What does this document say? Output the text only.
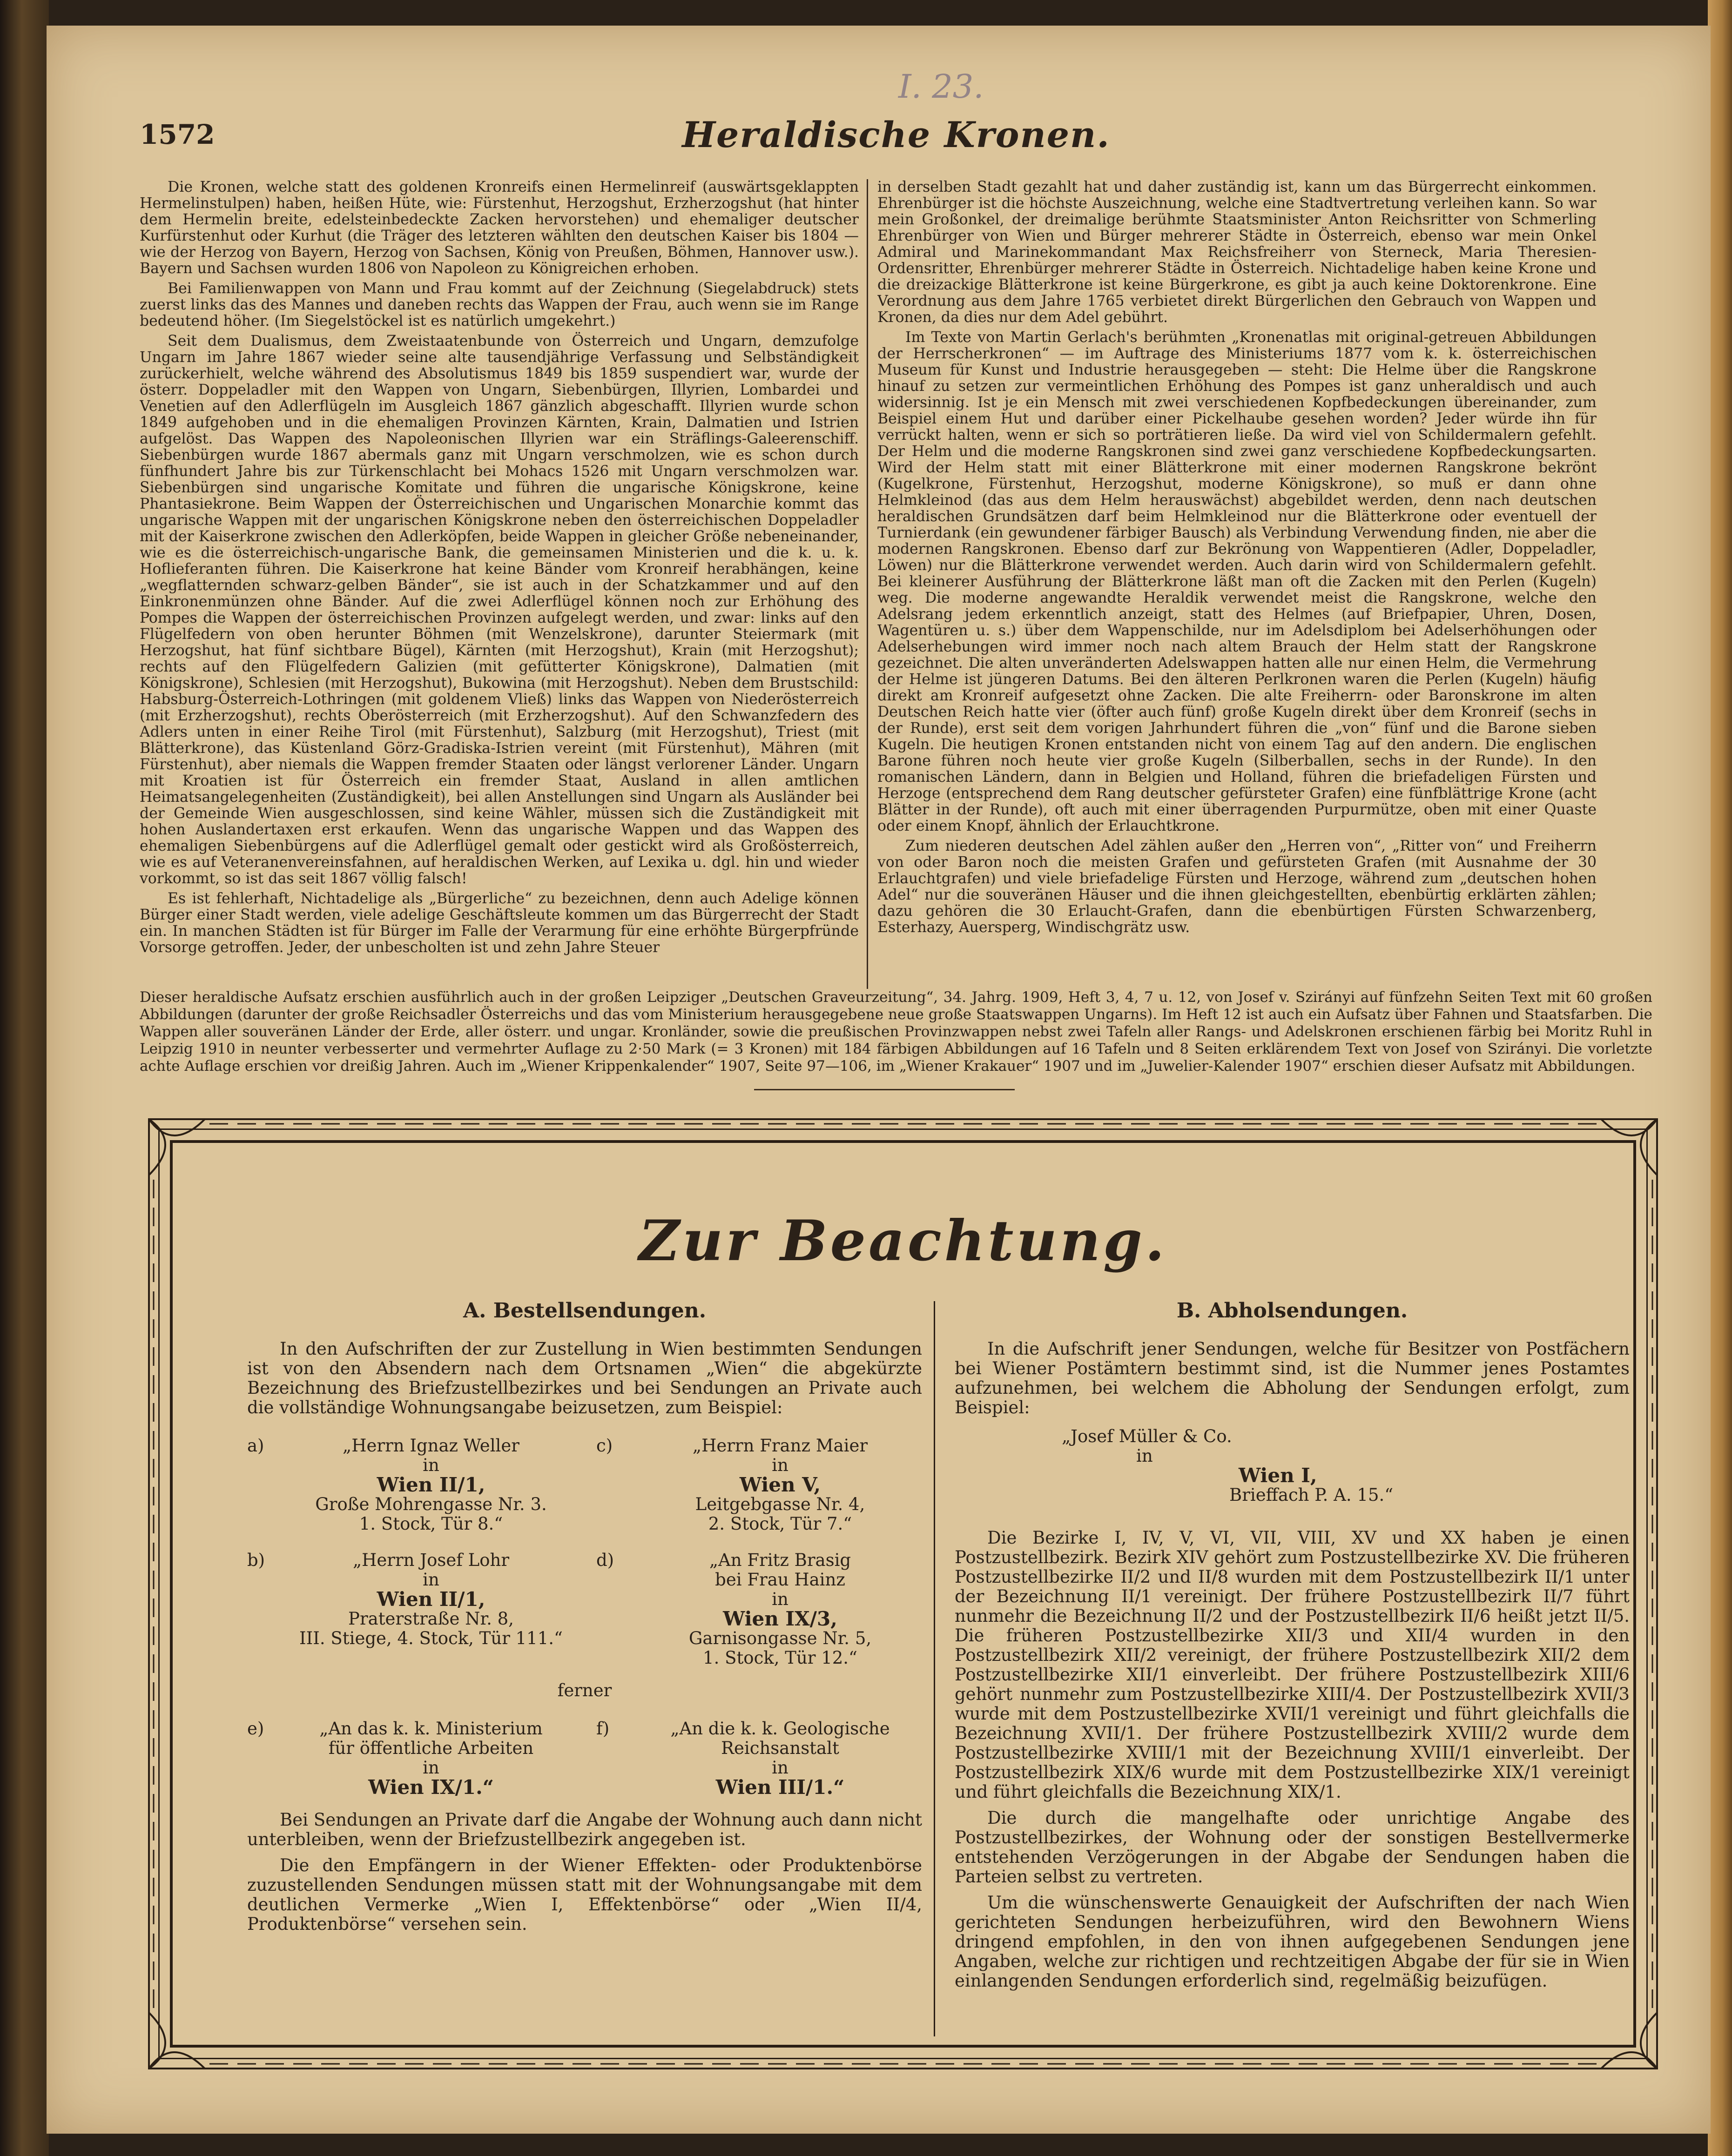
I. 23.
1572	Heraldische Kronen.

Die Kronen, welche statt des goldenen Kronreifs einen Hermelinreif (auswärtsgeklappten Hermelinstulpen) haben, heißen Hüte, wie: Fürstenhut, Herzogshut, Erzherzogshut (hat hinter dem Hermelin breite, edelsteinbedeckte Zacken hervorstehen) und ehemaliger deutscher Kurfürstenhut oder Kurhut (die Träger des letzteren wählten den deutschen Kaiser bis 1804 — wie der Herzog von Bayern, Herzog von Sachsen, König von Preußen, Böhmen, Hannover usw.). Bayern und Sachsen wurden 1806 von Napoleon zu Königreichen erhoben.

Bei Familienwappen von Mann und Frau kommt auf der Zeichnung (Siegelabdruck) stets zuerst links das des Mannes und daneben rechts das Wappen der Frau, auch wenn sie im Range bedeutend höher. (Im Siegelstöckel ist es natürlich umgekehrt.)

Seit dem Dualismus, dem Zweistaatenbunde von Österreich und Ungarn, demzufolge Ungarn im Jahre 1867 wieder seine alte tausendjährige Verfassung und Selbständigkeit zurückerhielt, welche während des Absolutismus 1849 bis 1859 suspendiert war, wurde der österr. Doppeladler mit den Wappen von Ungarn, Siebenbürgen, Illyrien, Lombardei und Venetien auf den Adlerflügeln im Ausgleich 1867 gänzlich abgeschafft. Illyrien wurde schon 1849 aufgehoben und in die ehemaligen Provinzen Kärnten, Krain, Dalmatien und Istrien aufgelöst. Das Wappen des Napoleonischen Illyrien war ein Sträflings-Galeerenschiff. Siebenbürgen wurde 1867 abermals ganz mit Ungarn verschmolzen, wie es schon durch fünfhundert Jahre bis zur Türkenschlacht bei Mohacs 1526 mit Ungarn verschmolzen war. Siebenbürgen sind ungarische Komitate und führen die ungarische Königskrone, keine Phantasiekrone. Beim Wappen der Österreichischen und Ungarischen Monarchie kommt das ungarische Wappen mit der ungarischen Königskrone neben den österreichischen Doppeladler mit der Kaiserkrone zwischen den Adlerköpfen, beide Wappen in gleicher Größe nebeneinander, wie es die österreichisch-ungarische Bank, die gemeinsamen Ministerien und die k. u. k. Hoflieferanten führen. Die Kaiserkrone hat keine Bänder vom Kronreif herabhängen, keine „wegflatternden schwarz-gelben Bänder“, sie ist auch in der Schatzkammer und auf den Einkronenmünzen ohne Bänder. Auf die zwei Adlerflügel können noch zur Erhöhung des Pompes die Wappen der österreichischen Provinzen aufgelegt werden, und zwar: links auf den Flügelfedern von oben herunter Böhmen (mit Wenzelskrone), darunter Steiermark (mit Herzogshut, hat fünf sichtbare Bügel), Kärnten (mit Herzogshut), Krain (mit Herzogshut); rechts auf den Flügelfedern Galizien (mit gefütterter Königskrone), Dalmatien (mit Königskrone), Schlesien (mit Herzogshut), Bukowina (mit Herzogshut). Neben dem Brustschild: Habsburg-Österreich-Lothringen (mit goldenem Vließ) links das Wappen von Niederösterreich (mit Erzherzogshut), rechts Oberösterreich (mit Erzherzogshut). Auf den Schwanzfedern des Adlers unten in einer Reihe Tirol (mit Fürstenhut), Salzburg (mit Herzogshut), Triest (mit Blätterkrone), das Küstenland Görz-Gradiska-Istrien vereint (mit Fürstenhut), Mähren (mit Fürstenhut), aber niemals die Wappen fremder Staaten oder längst verlorener Länder. Ungarn mit Kroatien ist für Österreich ein fremder Staat, Ausland in allen amtlichen Heimatsangelegenheiten (Zuständigkeit), bei allen Anstellungen sind Ungarn als Ausländer bei der Gemeinde Wien ausgeschlossen, sind keine Wähler, müssen sich die Zuständigkeit mit hohen Auslandertaxen erst erkaufen. Wenn das ungarische Wappen und das Wappen des ehemaligen Siebenbürgens auf die Adlerflügel gemalt oder gestickt wird als Großösterreich, wie es auf Veteranenvereinsfahnen, auf heraldischen Werken, auf Lexika u. dgl. hin und wieder vorkommt, so ist das seit 1867 völlig falsch!

Es ist fehlerhaft, Nichtadelige als „Bürgerliche“ zu bezeichnen, denn auch Adelige können Bürger einer Stadt werden, viele adelige Geschäftsleute kommen um das Bürgerrecht der Stadt ein. In manchen Städten ist für Bürger im Falle der Verarmung für eine erhöhte Bürgerpfründe Vorsorge getroffen. Jeder, der unbescholten ist und zehn Jahre Steuer

in derselben Stadt gezahlt hat und daher zuständig ist, kann um das Bürgerrecht einkommen. Ehrenbürger ist die höchste Auszeichnung, welche eine Stadtvertretung verleihen kann. So war mein Großonkel, der dreimalige berühmte Staatsminister Anton Reichsritter von Schmerling Ehrenbürger von Wien und Bürger mehrerer Städte in Österreich, ebenso war mein Onkel Admiral und Marinekommandant Max Reichsfreiherr von Sterneck, Maria Theresien-Ordensritter, Ehrenbürger mehrerer Städte in Österreich. Nichtadelige haben keine Krone und die dreizackige Blätterkrone ist keine Bürgerkrone, es gibt ja auch keine Doktorenkrone. Eine Verordnung aus dem Jahre 1765 verbietet direkt Bürgerlichen den Gebrauch von Wappen und Kronen, da dies nur dem Adel gebührt.

Im Texte von Martin Gerlach's berühmten „Kronenatlas mit original-getreuen Abbildungen der Herrscherkronen“ — im Auftrage des Ministeriums 1877 vom k. k. österreichischen Museum für Kunst und Industrie herausgegeben — steht: Die Helme über die Rangskrone hinauf zu setzen zur vermeintlichen Erhöhung des Pompes ist ganz unheraldisch und auch widersinnig. Ist je ein Mensch mit zwei verschiedenen Kopfbedeckungen übereinander, zum Beispiel einem Hut und darüber einer Pickelhaube gesehen worden? Jeder würde ihn für verrückt halten, wenn er sich so porträtieren ließe. Da wird viel von Schildermalern gefehlt. Der Helm und die moderne Rangskronen sind zwei ganz verschiedene Kopfbedeckungsarten. Wird der Helm statt mit einer Blätterkrone mit einer modernen Rangskrone bekrönt (Kugelkrone, Fürstenhut, Herzogshut, moderne Königskrone), so muß er dann ohne Helmkleinod (das aus dem Helm herauswächst) abgebildet werden, denn nach deutschen heraldischen Grundsätzen darf beim Helmkleinod nur die Blätterkrone oder eventuell der Turnierdank (ein gewundener färbiger Bausch) als Verbindung Verwendung finden, nie aber die modernen Rangskronen. Ebenso darf zur Bekrönung von Wappentieren (Adler, Doppeladler, Löwen) nur die Blätterkrone verwendet werden. Auch darin wird von Schildermalern gefehlt. Bei kleinerer Ausführung der Blätterkrone läßt man oft die Zacken mit den Perlen (Kugeln) weg. Die moderne angewandte Heraldik verwendet meist die Rangskrone, welche den Adelsrang jedem erkenntlich anzeigt, statt des Helmes (auf Briefpapier, Uhren, Dosen, Wagentüren u. s.) über dem Wappenschilde, nur im Adelsdiplom bei Adelserhöhungen oder Adelserhebungen wird immer noch nach altem Brauch der Helm statt der Rangskrone gezeichnet. Die alten unveränderten Adelswappen hatten alle nur einen Helm, die Vermehrung der Helme ist jüngeren Datums. Bei den älteren Perlkronen waren die Perlen (Kugeln) häufig direkt am Kronreif aufgesetzt ohne Zacken. Die alte Freiherrn- oder Baronskrone im alten Deutschen Reich hatte vier (öfter auch fünf) große Kugeln direkt über dem Kronreif (sechs in der Runde), erst seit dem vorigen Jahrhundert führen die „von“ fünf und die Barone sieben Kugeln. Die heutigen Kronen entstanden nicht von einem Tag auf den andern. Die englischen Barone führen noch heute vier große Kugeln (Silberballen, sechs in der Runde). In den romanischen Ländern, dann in Belgien und Holland, führen die briefadeligen Fürsten und Herzoge (entsprechend dem Rang deutscher gefürsteter Grafen) eine fünfblättrige Krone (acht Blätter in der Runde), oft auch mit einer überragenden Purpurmütze, oben mit einer Quaste oder einem Knopf, ähnlich der Erlauchtkrone.

Zum niederen deutschen Adel zählen außer den „Herren von“, „Ritter von“ und Freiherrn von oder Baron noch die meisten Grafen und gefürsteten Grafen (mit Ausnahme der 30 Erlauchtgrafen) und viele briefadelige Fürsten und Herzoge, während zum „deutschen hohen Adel“ nur die souveränen Häuser und die ihnen gleichgestellten, ebenbürtig erklärten zählen; dazu gehören die 30 Erlaucht-Grafen, dann die ebenbürtigen Fürsten Schwarzenberg, Esterhazy, Auersperg, Windischgrätz usw.

Dieser heraldische Aufsatz erschien ausführlich auch in der großen Leipziger „Deutschen Graveurzeitung“, 34. Jahrg. 1909, Heft 3, 4, 7 u. 12, von Josef v. Szirányi auf fünfzehn Seiten Text mit 60 großen Abbildungen (darunter der große Reichsadler Österreichs und das vom Ministerium herausgegebene neue große Staatswappen Ungarns). Im Heft 12 ist auch ein Aufsatz über Fahnen und Staatsfarben. Die Wappen aller souveränen Länder der Erde, aller österr. und ungar. Kronländer, sowie die preußischen Provinzwappen nebst zwei Tafeln aller Rangs- und Adelskronen erschienen färbig bei Moritz Ruhl in Leipzig 1910 in neunter verbesserter und vermehrter Auflage zu 2·50 Mark (= 3 Kronen) mit 184 färbigen Abbildungen auf 16 Tafeln und 8 Seiten erklärendem Text von Josef von Szirányi. Die vorletzte achte Auflage erschien vor dreißig Jahren. Auch im „Wiener Krippenkalender“ 1907, Seite 97—106, im „Wiener Krakauer“ 1907 und im „Juwelier-Kalender 1907“ erschien dieser Aufsatz mit Abbildungen.
Zur Beachtung.
A. Bestellsendungen.

In den Aufschriften der zur Zustellung in Wien bestimmten Sendungen ist von den Absendern nach dem Ortsnamen „Wien“ die abgekürzte Bezeichnung des Briefzustellbezirkes und bei Sendungen an Private auch die vollständige Wohnungsangabe beizusetzen, zum Beispiel:

a)	„Herrn Ignaz Weller
in
Wien II/1,
Große Mohrengasse Nr. 3.
1. Stock, Tür 8.“
c)	„Herrn Franz Maier
in
Wien V,
Leitgebgasse Nr. 4,
2. Stock, Tür 7.“
b)	„Herrn Josef Lohr
in
Wien II/1,
Praterstraße Nr. 8,
III. Stiege, 4. Stock, Tür 111.“
d)	„An Fritz Brasig
bei Frau Hainz
in
Wien IX/3,
Garnisongasse Nr. 5,
1. Stock, Tür 12.“
ferner
e)	„An das k. k. Ministerium
für öffentliche Arbeiten
in
Wien IX/1.“
f)	„An die k. k. Geologische
Reichsanstalt
in
Wien III/1.“

Bei Sendungen an Private darf die Angabe der Wohnung auch dann nicht unterbleiben, wenn der Briefzustellbezirk angegeben ist.

Die den Empfängern in der Wiener Effekten- oder Produktenbörse zuzustellenden Sendungen müssen statt mit der Wohnungsangabe mit dem deutlichen Vermerke „Wien I, Effektenbörse“ oder „Wien II/4, Produktenbörse“ versehen sein.

B. Abholsendungen.

In die Aufschrift jener Sendungen, welche für Besitzer von Postfächern bei Wiener Postämtern bestimmt sind, ist die Nummer jenes Postamtes aufzunehmen, bei welchem die Abholung der Sendungen erfolgt, zum Beispiel:

„Josef Müller & Co.
in
Wien I,
Brieffach P. A. 15.“

Die Bezirke I, IV, V, VI, VII, VIII, XV und XX haben je einen Postzustellbezirk. Bezirk XIV gehört zum Postzustellbezirke XV. Die früheren Postzustellbezirke II/2 und II/8 wurden mit dem Postzustellbezirk II/1 unter der Bezeichnung II/1 vereinigt. Der frühere Postzustellbezirk II/7 führt nunmehr die Bezeichnung II/2 und der Postzustellbezirk II/6 heißt jetzt II/5. Die früheren Postzustellbezirke XII/3 und XII/4 wurden in den Postzustellbezirk XII/2 vereinigt, der frühere Postzustellbezirk XII/2 dem Postzustellbezirke XII/1 einverleibt. Der frühere Postzustellbezirk XIII/6 gehört nunmehr zum Postzustellbezirke XIII/4. Der Postzustellbezirk XVII/3 wurde mit dem Postzustellbezirke XVII/1 vereinigt und führt gleichfalls die Bezeichnung XVII/1. Der frühere Postzustellbezirk XVIII/2 wurde dem Postzustellbezirke XVIII/1 mit der Bezeichnung XVIII/1 einverleibt. Der Postzustellbezirk XIX/6 wurde mit dem Postzustellbezirke XIX/1 vereinigt und führt gleichfalls die Bezeichnung XIX/1.

Die durch die mangelhafte oder unrichtige Angabe des Postzustellbezirkes, der Wohnung oder der sonstigen Bestellvermerke entstehenden Verzögerungen in der Abgabe der Sendungen haben die Parteien selbst zu vertreten.

Um die wünschenswerte Genauigkeit der Aufschriften der nach Wien gerichteten Sendungen herbeizuführen, wird den Bewohnern Wiens dringend empfohlen, in den von ihnen aufgegebenen Sendungen jene Angaben, welche zur richtigen und rechtzeitigen Abgabe der für sie in Wien einlangenden Sendungen erforderlich sind, regelmäßig beizufügen.
